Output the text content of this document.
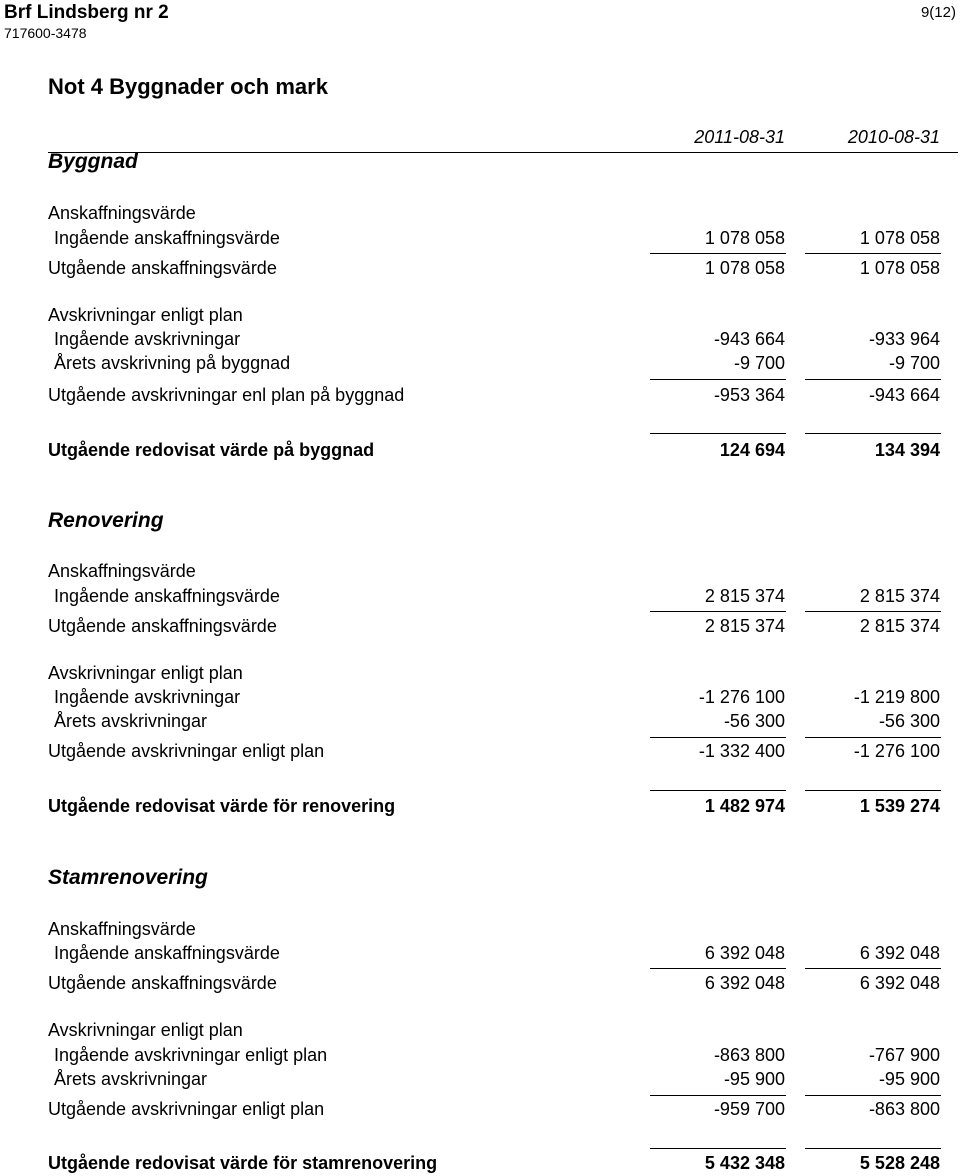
Brf Lindsberg nr 2
717600-3478
9(12)
Not 4 Byggnader och mark
2011-08-31	2010-08-31
Byggnad
Anskaffningsvärde
Ingående anskaffningsvärde	1 078 058	1 078 058
Utgående anskaffningsvärde	1 078 058	1 078 058
Avskrivningar enligt plan
Ingående avskrivningar	-943 664	-933 964
Årets avskrivning på byggnad	-9 700	-9 700
Utgående avskrivningar enl plan på byggnad	-953 364	-943 664
Utgående redovisat värde på byggnad	124 694	134 394
Renovering
Anskaffningsvärde
Ingående anskaffningsvärde	2 815 374	2 815 374
Utgående anskaffningsvärde	2 815 374	2 815 374
Avskrivningar enligt plan
Ingående avskrivningar	-1 276 100	-1 219 800
Årets avskrivningar	-56 300	-56 300
Utgående avskrivningar enligt plan	-1 332 400	-1 276 100
Utgående redovisat värde för renovering	1 482 974	1 539 274
Stamrenovering
Anskaffningsvärde
Ingående anskaffningsvärde	6 392 048	6 392 048
Utgående anskaffningsvärde	6 392 048	6 392 048
Avskrivningar enligt plan
Ingående avskrivningar enligt plan	-863 800	-767 900
Årets avskrivningar	-95 900	-95 900
Utgående avskrivningar enligt plan	-959 700	-863 800
Utgående redovisat värde för stamrenovering	5 432 348	5 528 248
